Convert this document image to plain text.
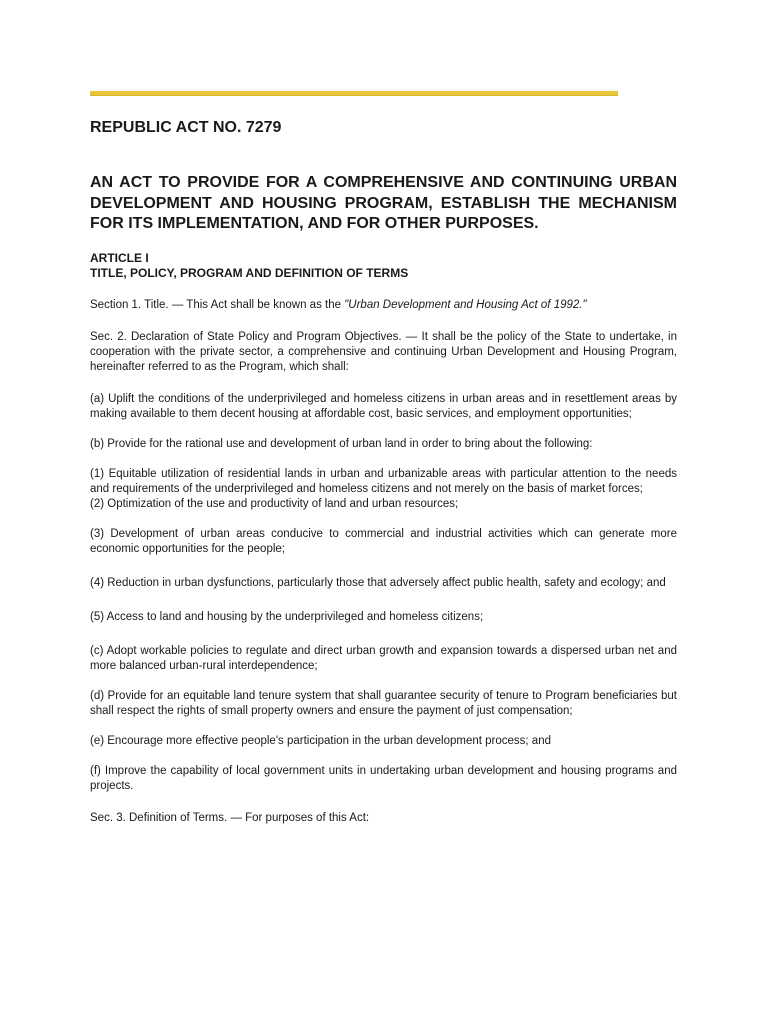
REPUBLIC ACT NO. 7279
AN ACT TO PROVIDE FOR A COMPREHENSIVE AND CONTINUING URBAN DEVELOPMENT AND HOUSING PROGRAM, ESTABLISH THE MECHANISM FOR ITS IMPLEMENTATION, AND FOR OTHER PURPOSES.
ARTICLE I
TITLE, POLICY, PROGRAM AND DEFINITION OF TERMS

Section 1. Title. — This Act shall be known as the "Urban Development and Housing Act of 1992."

Sec. 2. Declaration of State Policy and Program Objectives. — It shall be the policy of the State to undertake, in cooperation with the private sector, a comprehensive and continuing Urban Development and Housing Program, hereinafter referred to as the Program, which shall:

(a) Uplift the conditions of the underprivileged and homeless citizens in urban areas and in resettlement areas by making available to them decent housing at affordable cost, basic services, and employment opportunities;

(b) Provide for the rational use and development of urban land in order to bring about the following:

(1) Equitable utilization of residential lands in urban and urbanizable areas with particular attention to the needs and requirements of the underprivileged and homeless citizens and not merely on the basis of market forces;

(2) Optimization of the use and productivity of land and urban resources;

(3) Development of urban areas conducive to commercial and industrial activities which can generate more economic opportunities for the people;

(4) Reduction in urban dysfunctions, particularly those that adversely affect public health, safety and ecology; and

(5) Access to land and housing by the underprivileged and homeless citizens;

(c) Adopt workable policies to regulate and direct urban growth and expansion towards a dispersed urban net and more balanced urban-rural interdependence;

(d) Provide for an equitable land tenure system that shall guarantee security of tenure to Program beneficiaries but shall respect the rights of small property owners and ensure the payment of just compensation;

(e) Encourage more effective people's participation in the urban development process; and

(f) Improve the capability of local government units in undertaking urban development and housing programs and projects.

Sec. 3. Definition of Terms. — For purposes of this Act:
